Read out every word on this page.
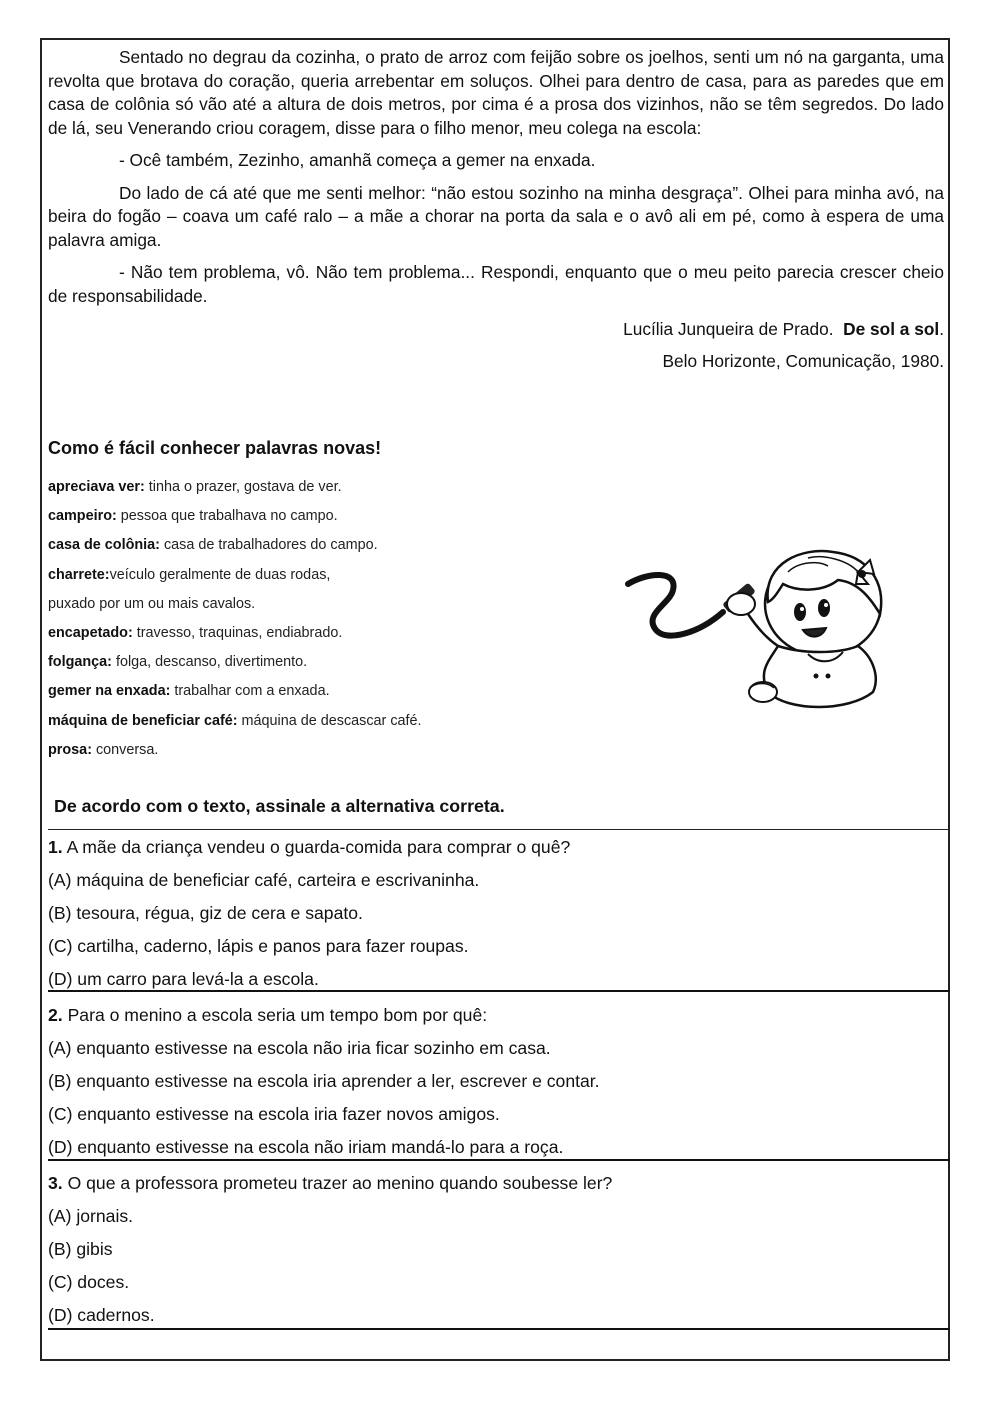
Sentado no degrau da cozinha, o prato de arroz com feijão sobre os joelhos, senti um nó na garganta, uma revolta que brotava do coração, queria arrebentar em soluços. Olhei para dentro de casa, para as paredes que em casa de colônia só vão até a altura de dois metros, por cima é a prosa dos vizinhos, não se têm segredos. Do lado de lá, seu Venerando criou coragem, disse para o filho menor, meu colega na escola:

- Ocê também, Zezinho, amanhã começa a gemer na enxada.

Do lado de cá até que me senti melhor: “não estou sozinho na minha desgraça”. Olhei para minha avó, na beira do fogão – coava um café ralo – a mãe a chorar na porta da sala e o avô ali em pé, como à espera de uma palavra amiga.

- Não tem problema, vô. Não tem problema... Respondi, enquanto que o meu peito parecia crescer cheio de responsabilidade.

Lucília Junqueira de Prado. De sol a sol.

Belo Horizonte, Comunicação, 1980.

Como é fácil conhecer palavras novas!

apreciava ver: tinha o prazer, gostava de ver.
campeiro: pessoa que trabalhava no campo.
casa de colônia: casa de trabalhadores do campo.
charrete:veículo geralmente de duas rodas,
puxado por um ou mais cavalos.
encapetado: travesso, traquinas, endiabrado.
folgança: folga, descanso, divertimento.
gemer na enxada: trabalhar com a enxada.
máquina de beneficiar café: máquina de descascar café.
prosa: conversa.

De acordo com o texto, assinale a alternativa correta.

1. A mãe da criança vendeu o guarda-comida para comprar o quê?

(A) máquina de beneficiar café, carteira e escrivaninha.

(B) tesoura, régua, giz de cera e sapato.

(C) cartilha, caderno, lápis e panos para fazer roupas.

(D) um carro para levá-la a escola.

2. Para o menino a escola seria um tempo bom por quê:

(A) enquanto estivesse na escola não iria ficar sozinho em casa.

(B) enquanto estivesse na escola iria aprender a ler, escrever e contar.

(C) enquanto estivesse na escola iria fazer novos amigos.

(D) enquanto estivesse na escola não iriam mandá-lo para a roça.

3. O que a professora prometeu trazer ao menino quando soubesse ler?

(A) jornais.

(B) gibis

(C) doces.

(D) cadernos.
